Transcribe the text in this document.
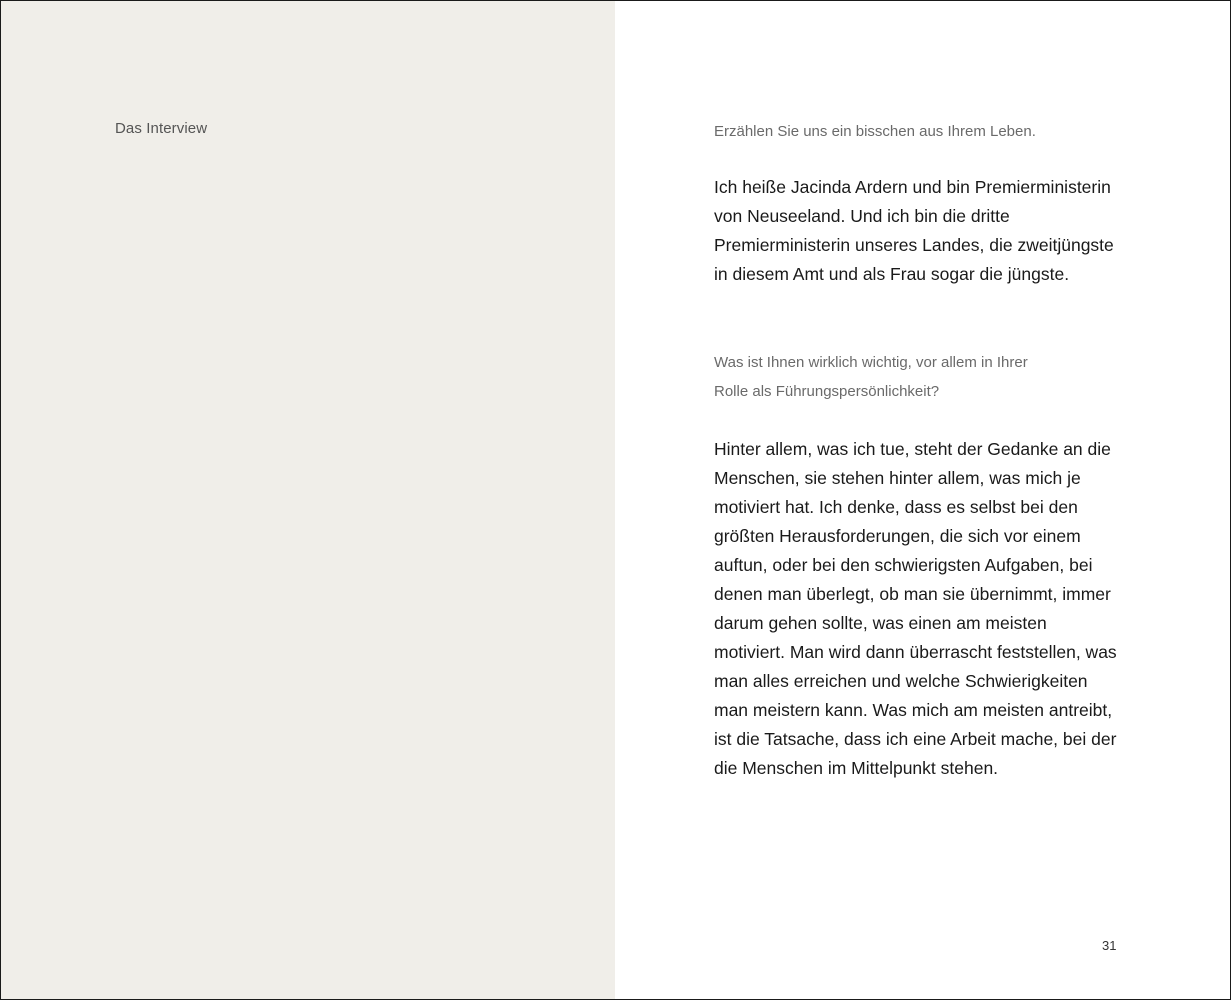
Das Interview	Erzählen Sie uns ein bisschen aus Ihrem Leben.

Ich heiße Jacinda Ardern und bin Premierministerin von Neuseeland. Und ich bin die dritte Premierministerin unseres Landes, die zweitjüngste in diesem Amt und als Frau sogar die jüngste.

Was ist Ihnen wirklich wichtig, vor allem in Ihrer
Rolle als Führungspersönlichkeit?

Hinter allem, was ich tue, steht der Gedanke an die Menschen, sie stehen hinter allem, was mich je motiviert hat. Ich denke, dass es selbst bei den größten Herausforderungen, die sich vor einem auftun, oder bei den schwierigsten Aufgaben, bei denen man überlegt, ob man sie übernimmt, immer darum gehen sollte, was einen am meisten motiviert. Man wird dann überrascht feststellen, was man alles erreichen und welche Schwierigkeiten man meistern kann. Was mich am meisten antreibt, ist die Tatsache, dass ich eine Arbeit mache, bei der die Menschen im Mittelpunkt stehen.

31
